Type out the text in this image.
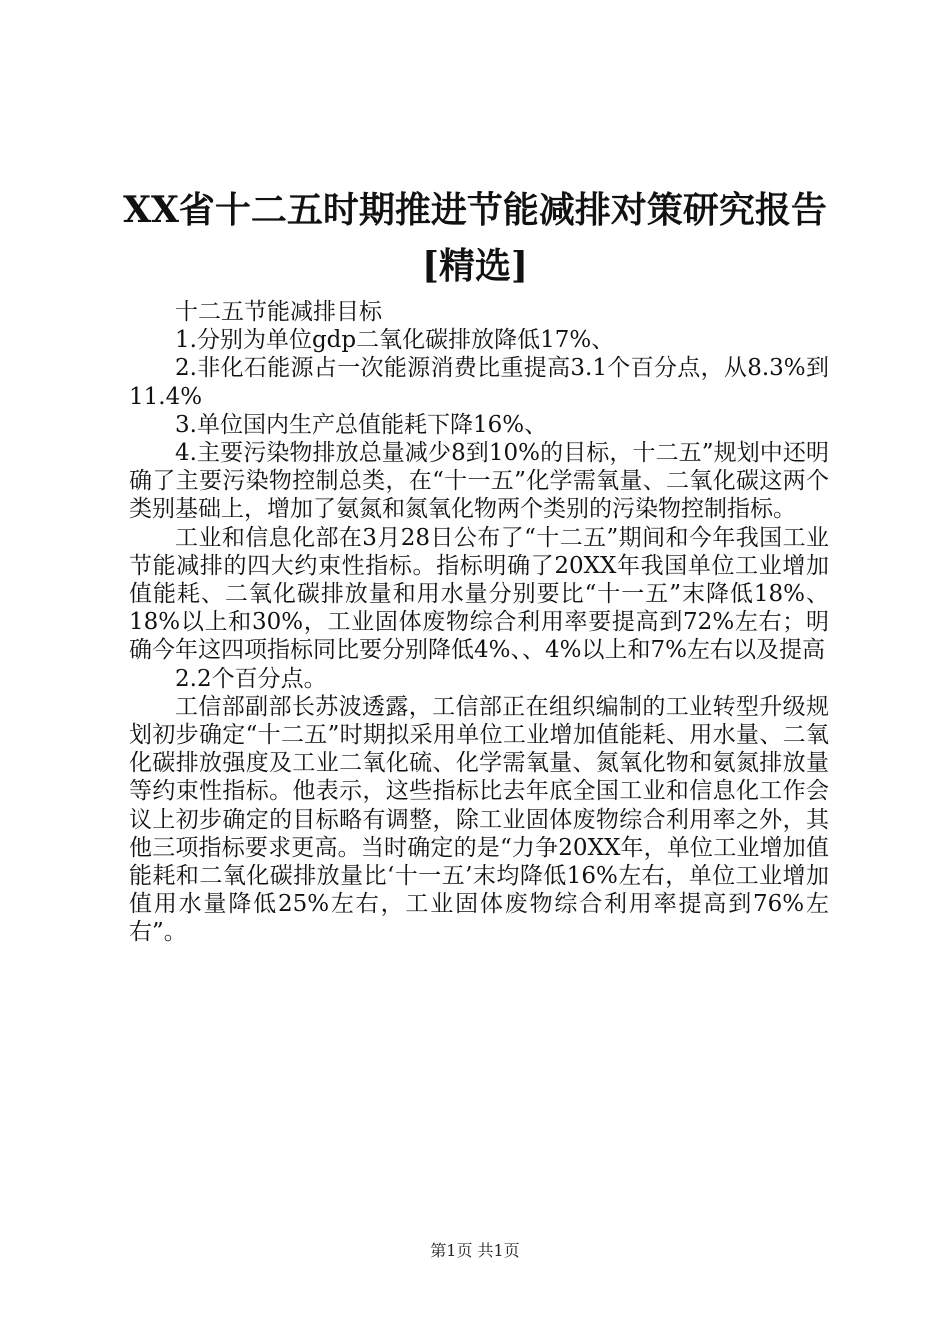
XX省十二五时期推进节能减排对策研究报告
[精选]

十二五节能减排目标

1.分别为单位gdp二氧化碳排放降低17%、

2.非化石能源占一次能源消费比重提高3.1个百分点，从8.3%到11.4%

3.单位国内生产总值能耗下降16%、

4.主要污染物排放总量减少8到10%的目标，十二五”规划中还明确了主要污染物控制总类，在“十一五”化学需氧量、二氧化碳这两个类别基础上，增加了氨氮和氮氧化物两个类别的污染物控制指标。

工业和信息化部在3月28日公布了“十二五”期间和今年我国工业节能减排的四大约束性指标。指标明确了20XX年我国单位工业增加值能耗、二氧化碳排放量和用水量分别要比“十一五”末降低18%、18%以上和30%，工业固体废物综合利用率要提高到72%左右；明确今年这四项指标同比要分别降低4%、、4%以上和7%左右以及提高

2.2个百分点。

工信部副部长苏波透露，工信部正在组织编制的工业转型升级规划初步确定“十二五”时期拟采用单位工业增加值能耗、用水量、二氧化碳排放强度及工业二氧化硫、化学需氧量、氮氧化物和氨氮排放量等约束性指标。他表示，这些指标比去年底全国工业和信息化工作会议上初步确定的目标略有调整，除工业固体废物综合利用率之外，其他三项指标要求更高。当时确定的是“力争20XX年，单位工业增加值能耗和二氧化碳排放量比‘十一五’末均降低16%左右，单位工业增加值用水量降低25%左右，工业固体废物综合利用率提高到76%左右”。

第1页 共1页
